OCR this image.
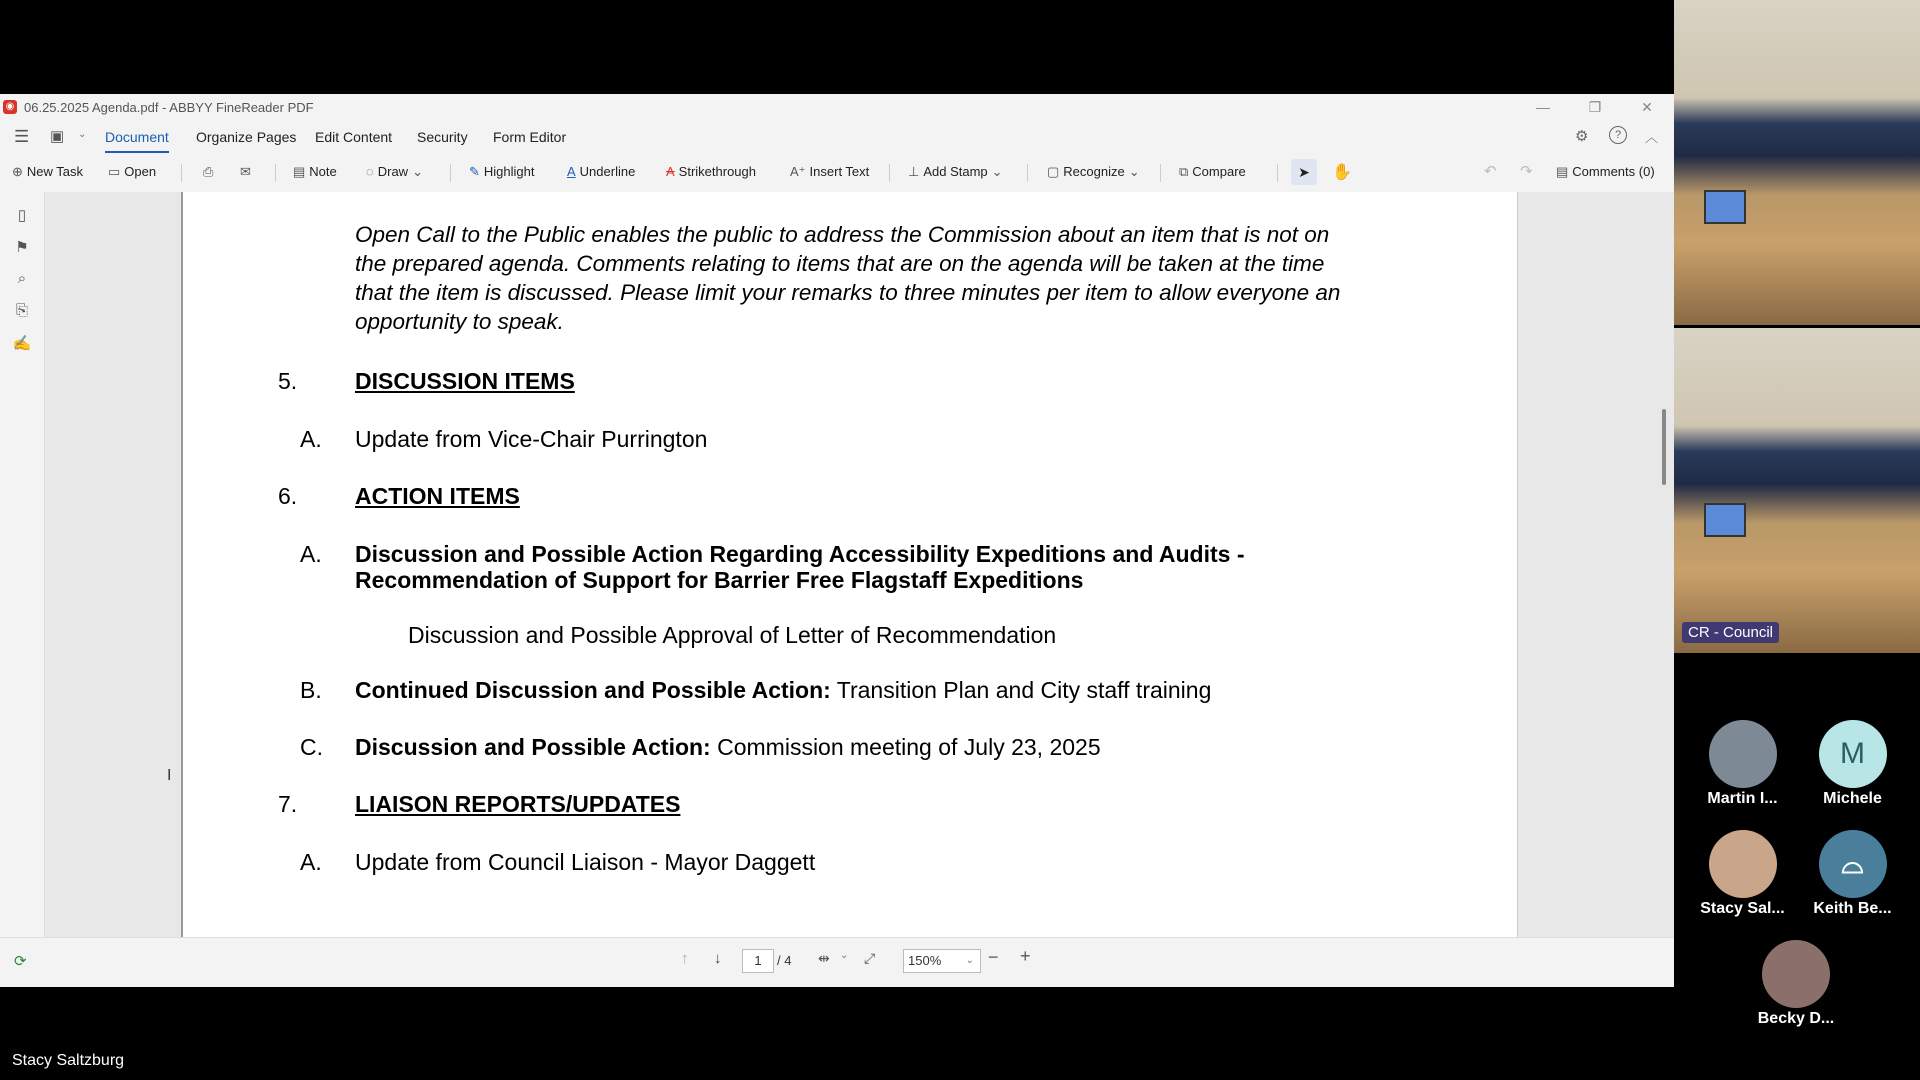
◉ 06.25.2025 Agenda.pdf - ABBYY FineReader PDF	—	❐	✕
☰ ▣ ⌄ Document Organize Pages Edit Content Security Form Editor	⚙	?	︿
⊕ New Task ▭ Open	⎙	✉	▤ Note ◌ Draw ⌄	✎ Highlight	A Underline A Strikethrough	A⁺ Insert Text	⊥ Add Stamp ⌄	▢ Recognize ⌄	⧉ Compare	➤	✋	↶ ↷ ▤ Comments (0)
▯
⚑
⌕
⎘
✍
Open Call to the Public enables the public to address the Commission about an item that is not on
the prepared agenda. Comments relating to items that are on the agenda will be taken at the time
that the item is discussed. Please limit your remarks to three minutes per item to allow everyone an
opportunity to speak.
5.	DISCUSSION ITEMS
A. Update from Vice-Chair Purrington
6.	ACTION ITEMS
A. Discussion and Possible Action Regarding Accessibility Expeditions and Audits -
Recommendation of Support for Barrier Free Flagstaff Expeditions
Discussion and Possible Approval of Letter of Recommendation
B. Continued Discussion and Possible Action: Transition Plan and City staff training
C. Discussion and Possible Action: Commission meeting of July 23, 2025
7.	LIAISON REPORTS/UPDATES
A. Update from Council Liaison - Mayor Daggett
I
⟳	↑ ↓	1	/ 4 ⇹ ⌄ ⤢	150% ⌄ − +
CR - Council
Martin I...
M
Michele
Stacy Sal...
⌓
Keith Be...
Becky D...
Stacy Saltzburg
